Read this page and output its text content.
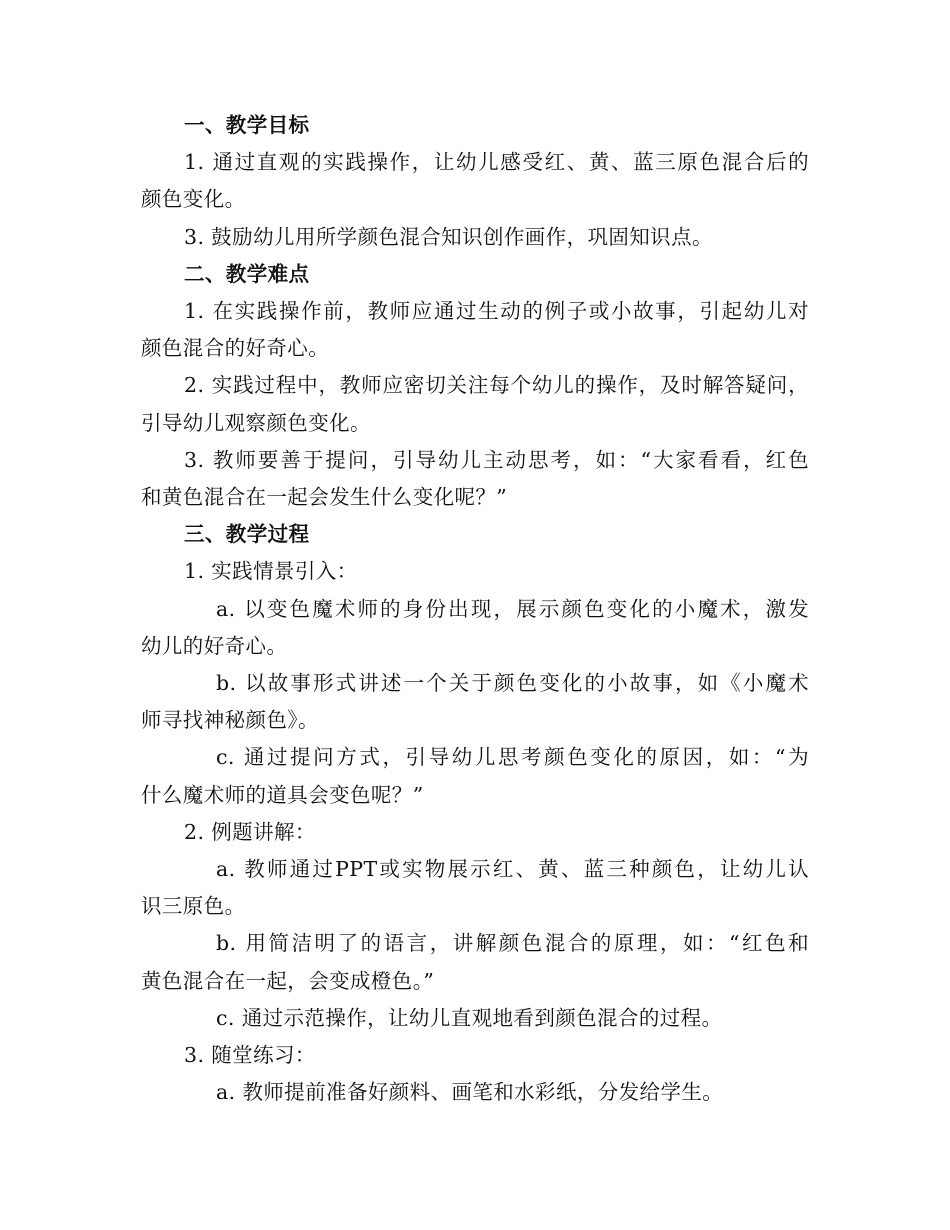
一、教学目标
1. 通过直观的实践操作，让幼儿感受红、黄、蓝三原色混合后的
颜色变化。
3. 鼓励幼儿用所学颜色混合知识创作画作，巩固知识点。
二、教学难点
1. 在实践操作前，教师应通过生动的例子或小故事，引起幼儿对
颜色混合的好奇心。
2. 实践过程中，教师应密切关注每个幼儿的操作，及时解答疑问，
引导幼儿观察颜色变化。
3. 教师要善于提问，引导幼儿主动思考，如：“大家看看，红色
和黄色混合在一起会发生什么变化呢？”
三、教学过程
1. 实践情景引入：
a. 以变色魔术师的身份出现，展示颜色变化的小魔术，激发
幼儿的好奇心。
b. 以故事形式讲述一个关于颜色变化的小故事，如《小魔术
师寻找神秘颜色》。
c. 通过提问方式，引导幼儿思考颜色变化的原因，如：“为
什么魔术师的道具会变色呢？”
2. 例题讲解：
a. 教师通过PPT或实物展示红、黄、蓝三种颜色，让幼儿认
识三原色。
b. 用简洁明了的语言，讲解颜色混合的原理，如：“红色和
黄色混合在一起，会变成橙色。”
c. 通过示范操作，让幼儿直观地看到颜色混合的过程。
3. 随堂练习：
a. 教师提前准备好颜料、画笔和水彩纸，分发给学生。
